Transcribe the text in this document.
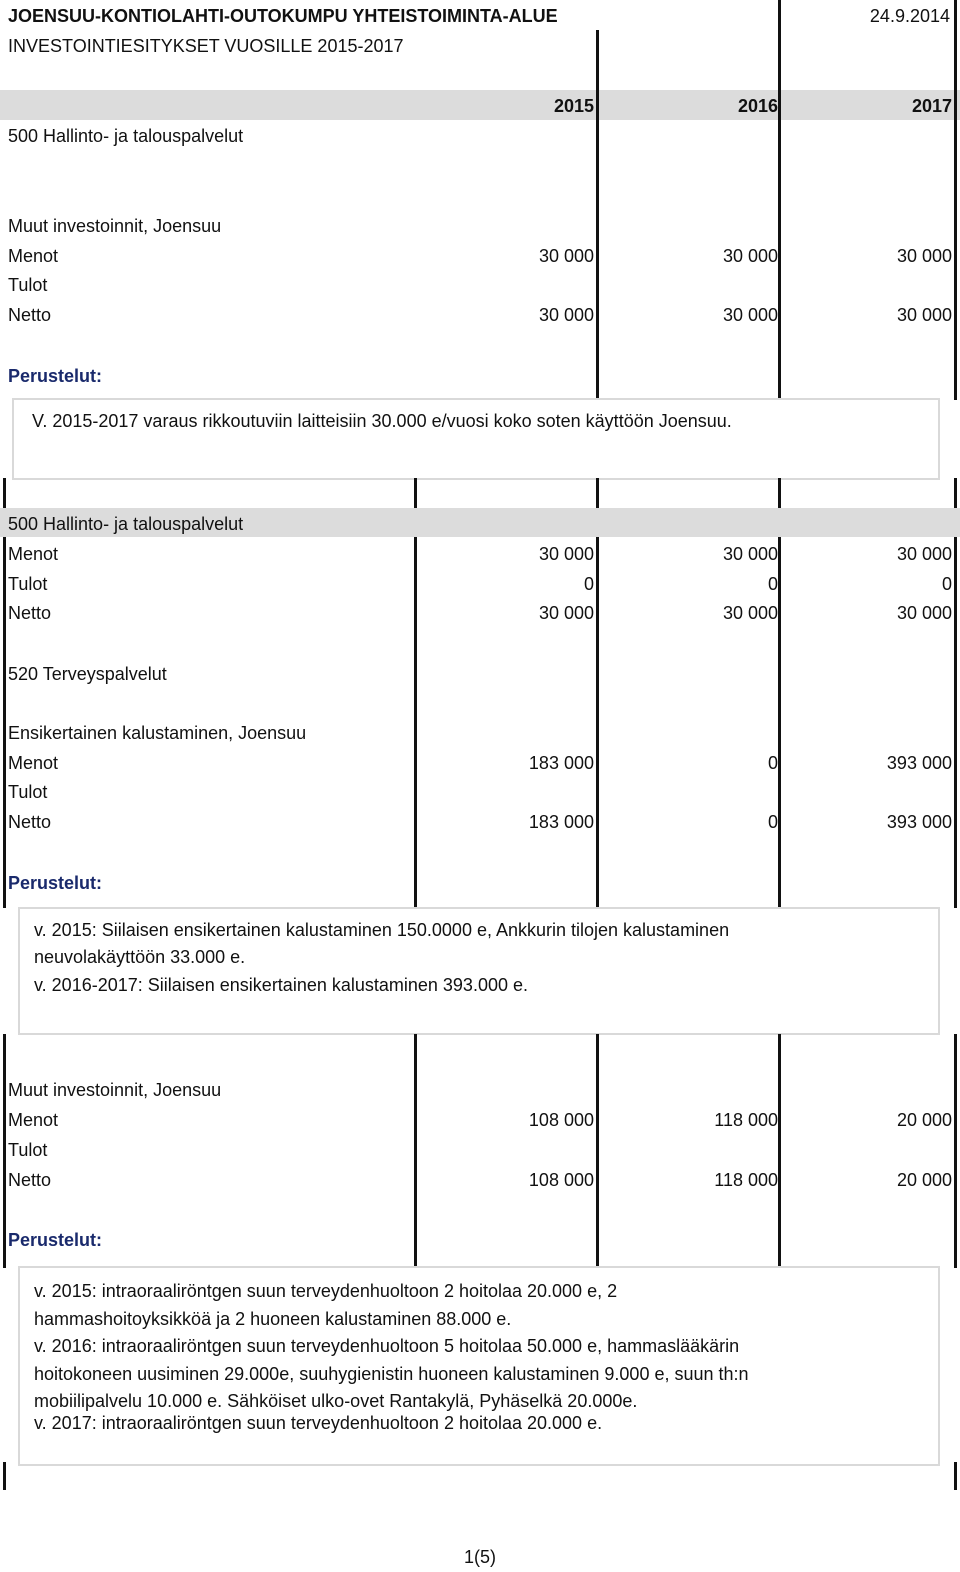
JOENSUU-KONTIOLAHTI-OUTOKUMPU YHTEISTOIMINTA-ALUE	24.9.2014
INVESTOINTIESITYKSET VUOSILLE 2015-2017
2015	2016	2017
500 Hallinto- ja talouspalvelut
Muut investoinnit, Joensuu
Menot	30 000	30 000	30 000
Tulot
Netto	30 000	30 000	30 000
Perustelut:
V. 2015-2017 varaus rikkoutuviin laitteisiin 30.000 e/vuosi koko soten käyttöön Joensuu.
500 Hallinto- ja talouspalvelut
Menot	30 000	30 000	30 000
Tulot	0	0	0
Netto	30 000	30 000	30 000
520 Terveyspalvelut
Ensikertainen kalustaminen, Joensuu
Menot	183 000	0	393 000
Tulot
Netto	183 000	0	393 000
Perustelut:
v. 2015: Siilaisen ensikertainen kalustaminen 150.0000 e, Ankkurin tilojen kalustaminen
neuvolakäyttöön 33.000 e.
v. 2016-2017: Siilaisen ensikertainen kalustaminen 393.000 e.
Muut investoinnit, Joensuu
Menot	108 000	118 000	20 000
Tulot
Netto	108 000	118 000	20 000
Perustelut:
v. 2015: intraoraaliröntgen suun terveydenhuoltoon 2 hoitolaa 20.000 e, 2
hammashoitoyksikköä ja 2 huoneen kalustaminen 88.000 e.
v. 2016: intraoraaliröntgen suun terveydenhuoltoon 5 hoitolaa 50.000 e, hammaslääkärin
hoitokoneen uusiminen 29.000e, suuhygienistin huoneen kalustaminen 9.000 e, suun th:n
mobiilipalvelu 10.000 e. Sähköiset ulko-ovet Rantakylä, Pyhäselkä 20.000e.
v. 2017: intraoraaliröntgen suun terveydenhuoltoon 2 hoitolaa 20.000 e.
1(5)
